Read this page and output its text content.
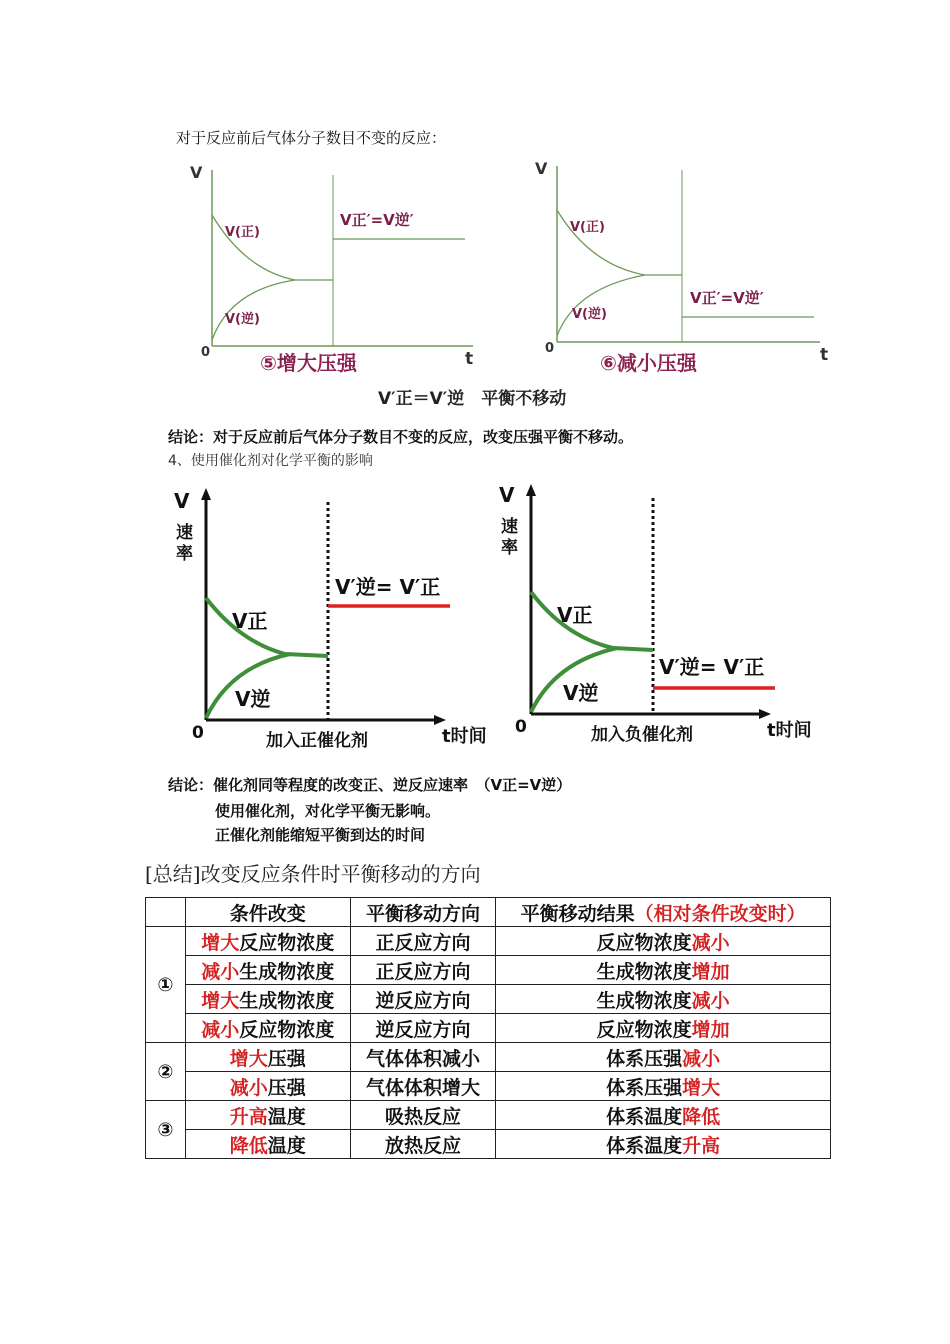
对于反应前后气体分子数目不变的反应：
V
0	t
V(正)
V(逆)
V正′=V逆′
⑤增大压强
V
0	t
V(正)
V(逆)
V正′=V逆′
⑥减小压强
V′正＝V′逆　平衡不移动
结论：对于反应前后气体分子数目不变的反应，改变压强平衡不移动。
4、使用催化剂对化学平衡的影响
V
速
率
0
V正
V逆
V′逆= V′正
加入正催化剂	t时间
V
速
率
0
V正
V逆
V′逆= V′正
加入负催化剂	t时间
结论：催化剂同等程度的改变正、逆反应速率　（V正=V逆）
使用催化剂，对化学平衡无影响。
正催化剂能缩短平衡到达的时间
[总结]改变反应条件时平衡移动的方向
	条件改变	平衡移动方向	平衡移动结果（相对条件改变时）
①	增大反应物浓度	正反应方向	反应物浓度减小
	减小生成物浓度	正反应方向	生成物浓度增加
	增大生成物浓度	逆反应方向	生成物浓度减小
	减小反应物浓度	逆反应方向	反应物浓度增加
②	增大压强	气体体积减小	体系压强减小
	减小压强	气体体积增大	体系压强增大
③	升高温度	吸热反应	体系温度降低
	降低温度	放热反应	体系温度升高
